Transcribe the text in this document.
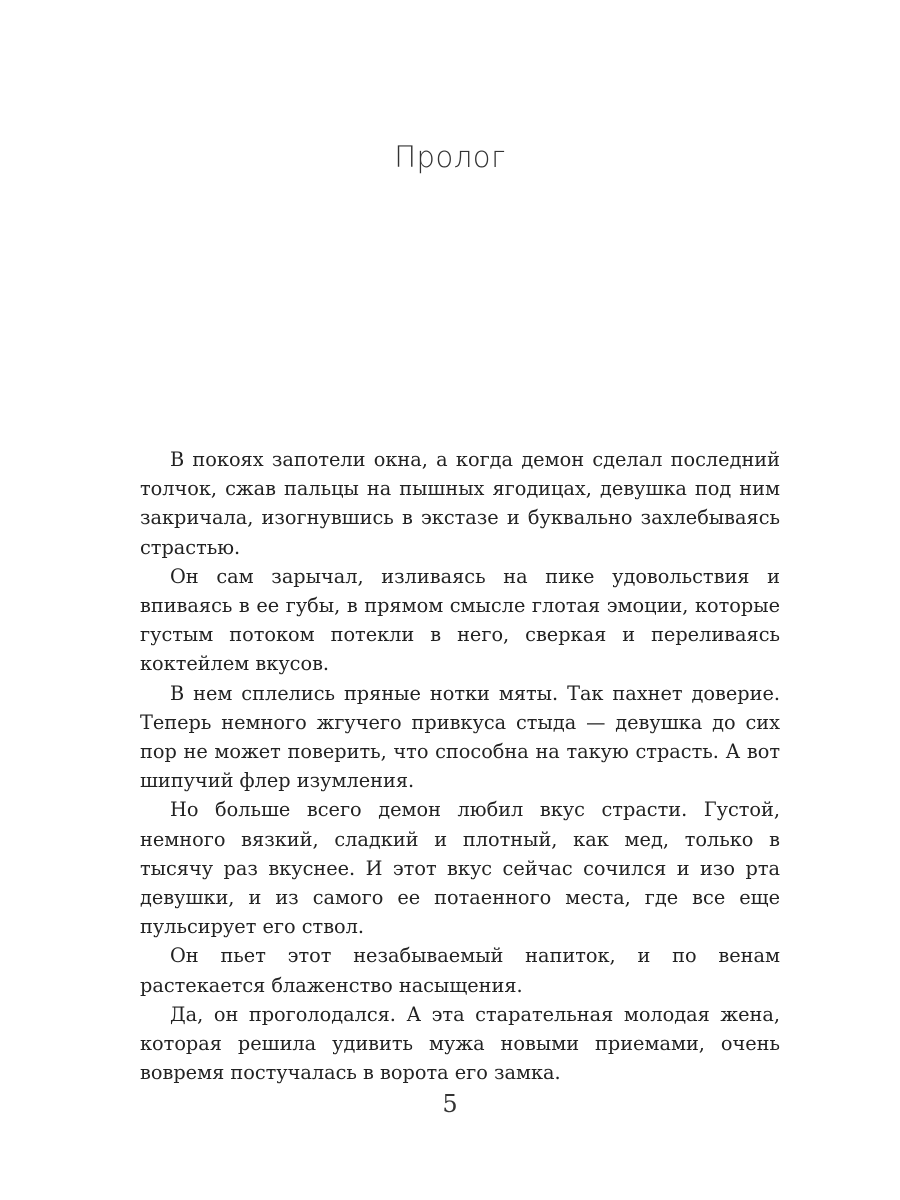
Пролог

В покоях запотели окна, а когда демон сделал последний толчок, сжав пальцы на пышных ягодицах, девушка под ним закричала, изогнувшись в экстазе и буквально захлебываясь страстью.

Он сам зарычал, изливаясь на пике удовольствия и впиваясь в ее губы, в прямом смысле глотая эмоции, которые густым потоком потекли в него, сверкая и переливаясь коктейлем вкусов.

В нем сплелись пряные нотки мяты. Так пахнет доверие. Теперь немного жгучего привкуса стыда — девушка до сих пор не может поверить, что способна на такую страсть. А вот шипучий флер изумления.

Но больше всего демон любил вкус страсти. Густой, немного вязкий, сладкий и плотный, как мед, только в тысячу раз вкуснее. И этот вкус сейчас сочился и изо рта девушки, и из самого ее потаенного места, где все еще пульсирует его ствол.

Он пьет этот незабываемый напиток, и по венам растекается блаженство насыщения.

Да, он проголодался. А эта старательная молодая жена, которая решила удивить мужа новыми приемами, очень вовремя постучалась в ворота его замка.

5
